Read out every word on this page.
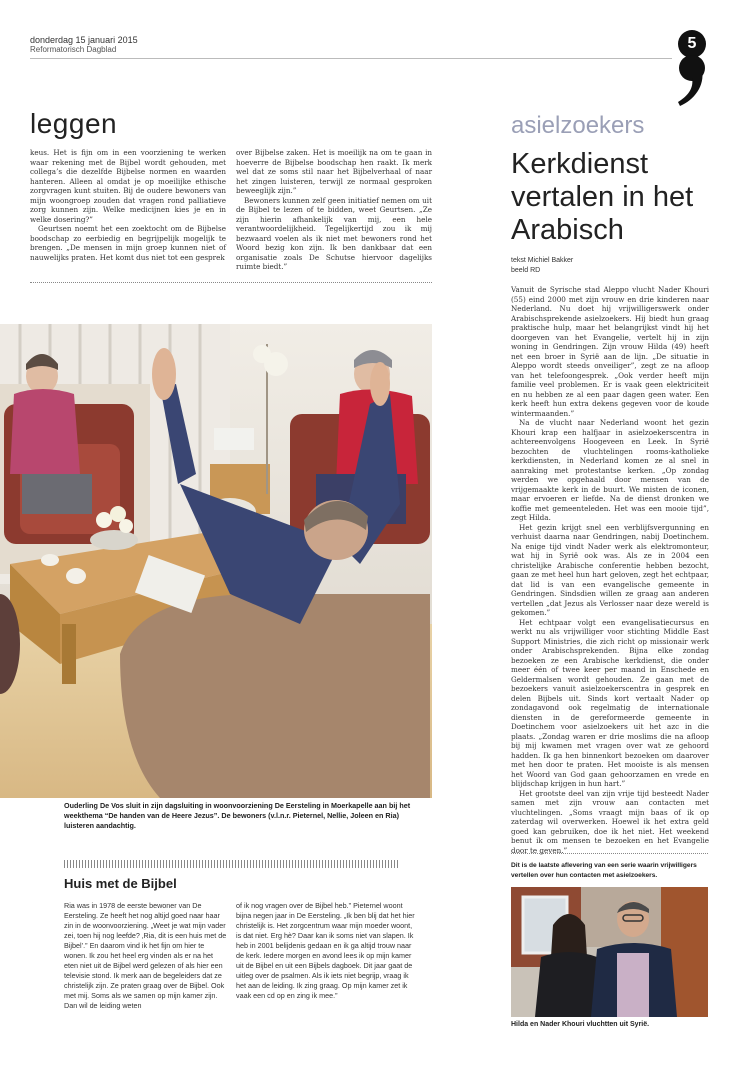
donderdag 15 januari 2015
Reformatorisch Dagblad	5
leggen

keus. Het is fijn om in een voorziening te werken waar rekening met de Bijbel wordt gehouden, met collega’s die dezelfde Bijbelse normen en waarden hanteren. Alleen al omdat je op moeilijke ethische zorgvragen kunt stuiten. Bij de oudere bewoners van mijn woongroep zouden dat vragen rond palliatieve zorg kunnen zijn. Welke medicijnen kies je en in welke dosering?”

Geurtsen noemt het een zoektocht om de Bijbelse boodschap zo eerbiedig en begrijpelijk mogelijk te brengen. „De mensen in mijn groep kunnen niet of nauwelijks praten. Het komt dus niet tot een gesprek

over Bijbelse zaken. Het is moeilijk na om te gaan in hoeverre de Bijbelse boodschap hen raakt. Ik merk wel dat ze soms stil naar het Bijbelverhaal of naar het zingen luisteren, terwijl ze normaal gesproken beweeglijk zijn.”

Bewoners kunnen zelf geen initiatief nemen om uit de Bijbel te lezen of te bidden, weet Geurtsen. „Ze zijn hierin afhankelijk van mij, een hele verantwoordelijkheid. Tegelijkertijd zou ik mij bezwaard voelen als ik niet met bewoners rond het Woord bezig kon zijn. Ik ben dankbaar dat een organisatie zoals De Schutse hiervoor dagelijks ruimte biedt.”

Ouderling De Vos sluit in zijn dagsluiting in woonvoorziening De Eersteling in Moerkapelle aan bij het weekthema “De handen van de Heere Jezus”. De bewoners (v.l.n.r. Pieternel, Nellie, Joleen en Ria) luisteren aandachtig.
Huis met de Bijbel
Ria was in 1978 de eerste bewoner van De Eersteling. Ze heeft het nog altijd goed naar haar zin in de woonvoorziening. „Weet je wat mijn vader zei, toen hij nog leefde? ‚Ria, dit is een huis met de Bijbel’.” En daarom vind ik het fijn om hier te wonen. Ik zou het heel erg vinden als er na het eten niet uit de Bijbel werd gelezen of als hier een televisie stond. Ik merk aan de begeleiders dat ze christelijk zijn. Ze praten graag over de Bijbel. Ook met mij. Soms als we samen op mijn kamer zijn. Dan wil de leiding weten
of ik nog vragen over de Bijbel heb.” Pieternel woont bijna negen jaar in De Eersteling. „Ik ben blij dat het hier christelijk is. Het zorgcentrum waar mijn moeder woont, is dat niet. Erg hè? Daar kan ik soms niet van slapen. Ik heb in 2001 belijdenis gedaan en ik ga altijd trouw naar de kerk. Iedere morgen en avond lees ik op mijn kamer uit de Bijbel en uit een Bijbels dagboek. Dit jaar gaat de uitleg over de psalmen. Als ik iets niet begrijp, vraag ik het aan de leiding. Ik zing graag. Op mijn kamer zet ik vaak een cd op en zing ik mee.”
asielzoekers
Kerkdienst vertalen in het Arabisch
tekst Michiel Bakker
beeld RD

Vanuit de Syrische stad Aleppo vlucht Nader Khouri (55) eind 2000 met zijn vrouw en drie kinderen naar Nederland. Nu doet hij vrijwilligerswerk onder Arabischsprekende asielzoekers. Hij biedt hun graag praktische hulp, maar het belangrijkst vindt hij het doorgeven van het Evangelie, vertelt hij in zijn woning in Gendringen. Zijn vrouw Hilda (49) heeft net een broer in Syrië aan de lijn. „De situatie in Aleppo wordt steeds onveiliger”, zegt ze na afloop van het telefoongesprek. „Ook verder heeft mijn familie veel problemen. Er is vaak geen elektriciteit en nu hebben ze al een paar dagen geen water. Een kerk heeft hun extra dekens gegeven voor de koude wintermaanden.”

Na de vlucht naar Nederland woont het gezin Khouri krap een halfjaar in asielzoekerscentra in achtereenvolgens Hoogeveen en Leek. In Syrië bezochten de vluchtelingen rooms-katholieke kerkdiensten, in Nederland komen ze al snel in aanraking met protestantse kerken. „Op zondag werden we opgehaald door mensen van de vrijgemaakte kerk in de buurt. We misten de iconen, maar ervoeren er liefde. Na de dienst dronken we koffie met gemeenteleden. Het was een mooie tijd”, zegt Hilda.

Het gezin krijgt snel een verblijfsvergunning en verhuist daarna naar Gendringen, nabij Doetinchem. Na enige tijd vindt Nader werk als elektromonteur, wat hij in Syrië ook was. Als ze in 2004 een christelijke Arabische conferentie hebben bezocht, gaan ze met heel hun hart geloven, zegt het echtpaar, dat lid is van een evangelische gemeente in Gendringen. Sindsdien willen ze graag aan anderen vertellen „dat Jezus als Verlosser naar deze wereld is gekomen.”

Het echtpaar volgt een evangelisatiecursus en werkt nu als vrijwilliger voor stichting Middle East Support Ministries, die zich richt op missionair werk onder Arabischsprekenden. Bijna elke zondag bezoeken ze een Arabische kerkdienst, die onder meer één of twee keer per maand in Enschede en Geldermalsen wordt gehouden. Ze gaan met de bezoekers vanuit asielzoekerscentra in gesprek en delen Bijbels uit. Sinds kort vertaalt Nader op zondagavond ook regelmatig de internationale diensten in de gereformeerde gemeente in Doetinchem voor asielzoekers uit het azc in die plaats. „Zondag waren er drie moslims die na afloop bij mij kwamen met vragen over wat ze gehoord hadden. Ik ga hen binnenkort bezoeken om daarover met hen door te praten. Het mooiste is als mensen het Woord van God gaan gehoorzamen en vrede en blijdschap krijgen in hun hart.”

Het grootste deel van zijn vrije tijd besteedt Nader samen met zijn vrouw aan contacten met vluchtelingen. „Soms vraagt mijn baas of ik op zaterdag wil overwerken. Hoewel ik het extra geld goed kan gebruiken, doe ik het niet. Het weekend benut ik om mensen te bezoeken en het Evangelie door te geven.”

Dit is de laatste aflevering van een serie waarin vrijwilligers vertellen over hun contacten met asielzoekers.
Hilda en Nader Khouri vluchtten uit Syrië.
